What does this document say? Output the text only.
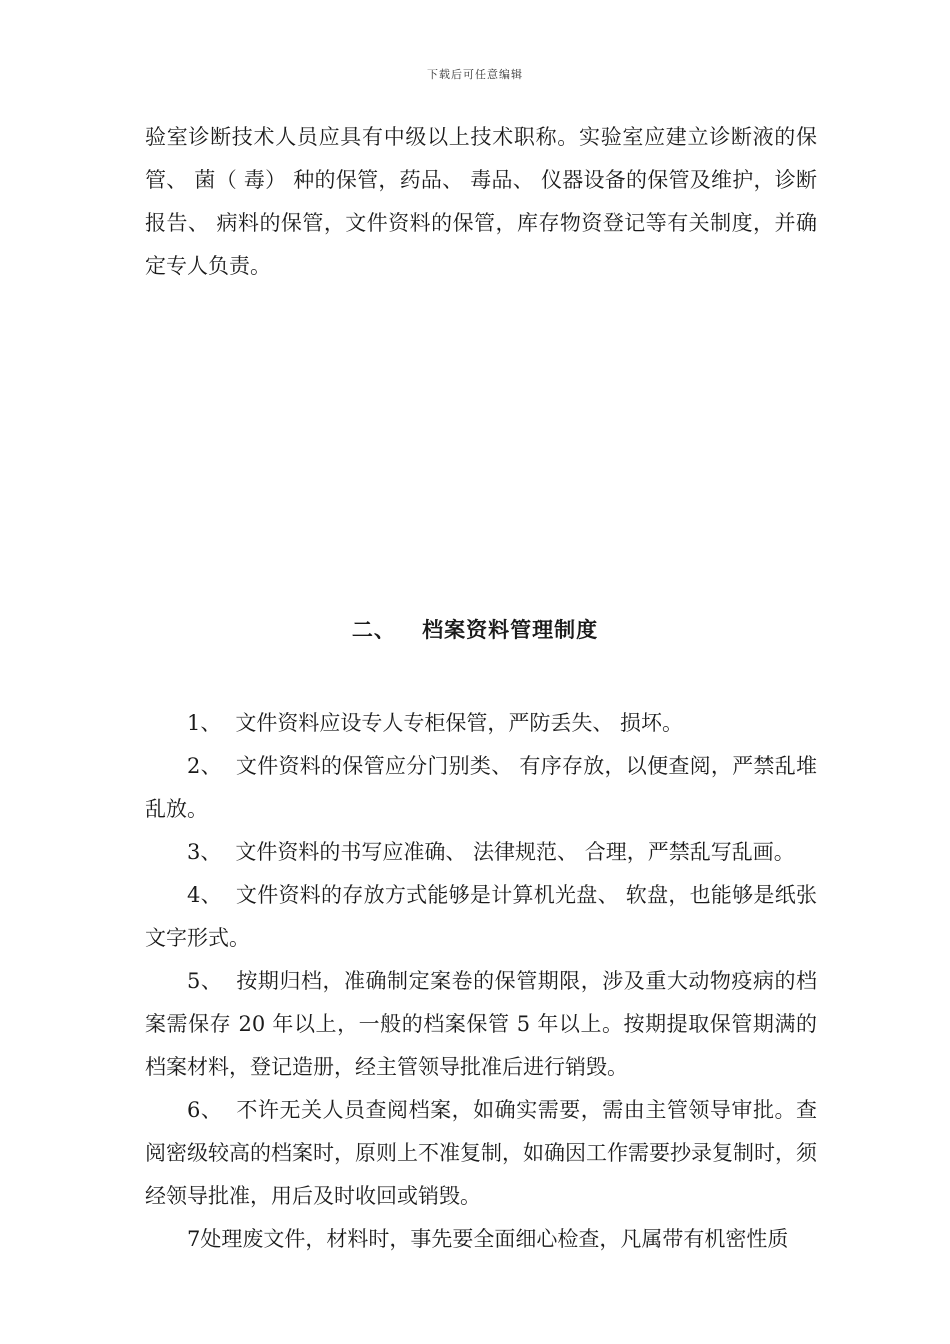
下载后可任意编辑
验室诊断技术人员应具有中级以上技术职称。实验室应建立诊断液的保管、 菌（ 毒） 种的保管，药品、 毒品、 仪器设备的保管及维护，诊断报告、 病料的保管，文件资料的保管，库存物资登记等有关制度，并确定专人负责。
二、 档案资料管理制度

1、 文件资料应设专人专柜保管，严防丢失、 损坏。

2、 文件资料的保管应分门别类、 有序存放，以便查阅，严禁乱堆乱放。

3、 文件资料的书写应准确、 法律规范、 合理，严禁乱写乱画。

4、 文件资料的存放方式能够是计算机光盘、 软盘，也能够是纸张文字形式。

5、 按期归档，准确制定案卷的保管期限，涉及重大动物疫病的档案需保存 20 年以上，一般的档案保管 5 年以上。按期提取保管期满的档案材料，登记造册，经主管领导批准后进行销毁。

6、 不许无关人员查阅档案，如确实需要，需由主管领导审批。查阅密级较高的档案时，原则上不准复制，如确因工作需要抄录复制时，须经领导批准，用后及时收回或销毁。

7处理废文件，材料时，事先要全面细心检查，凡属带有机密性质
